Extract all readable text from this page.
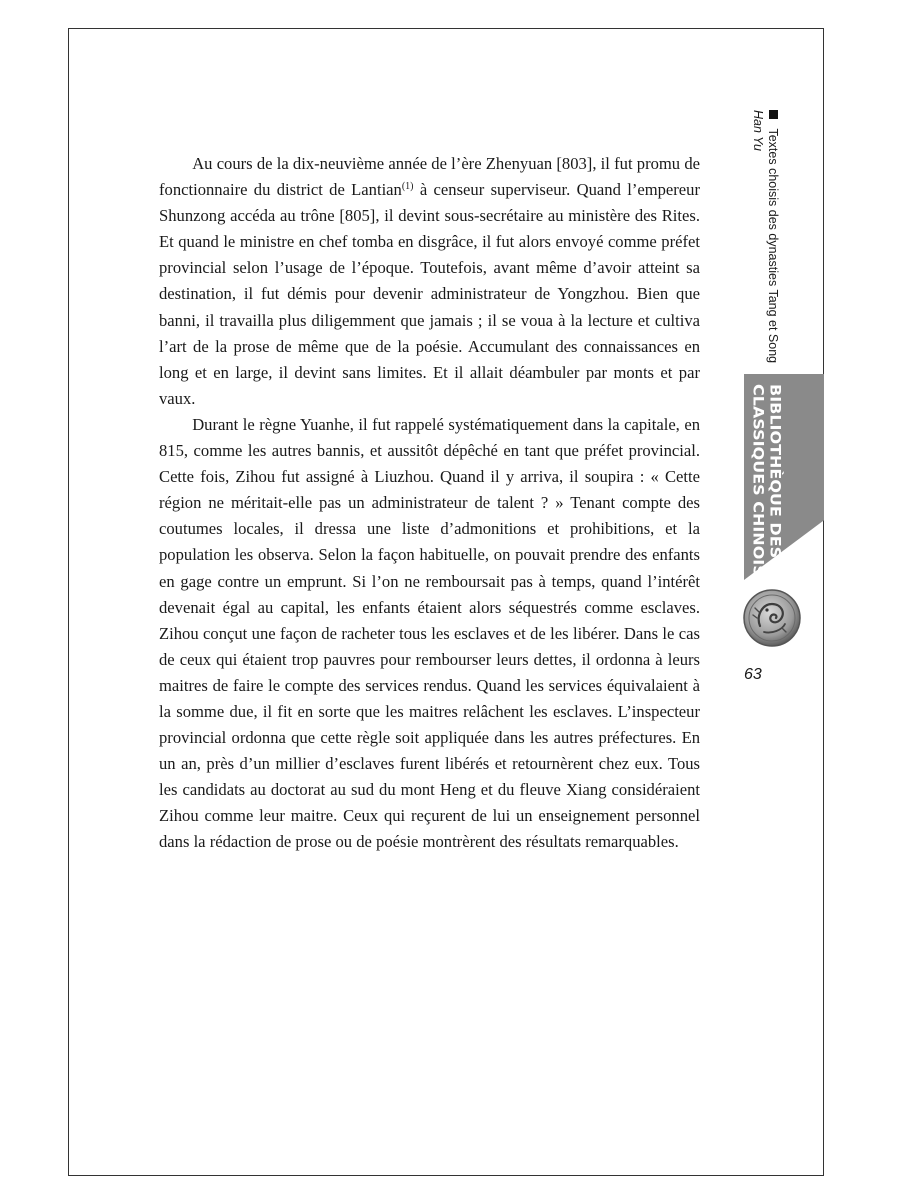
Au cours de la dix-neuvième année de l’ère Zhenyuan [803], il fut promu de fonctionnaire du district de Lantian$^{(1)}$ à censeur superviseur. Quand l’empereur Shunzong accéda au trône [805], il devint sous-secrétaire au ministère des Rites. Et quand le ministre en chef tomba en disgrâce, il fut alors envoyé comme préfet provincial selon l’usage de l’époque. Toutefois, avant même d’avoir atteint sa destination, il fut démis pour devenir administrateur de Yongzhou. Bien que banni, il travailla plus diligemment que jamais ; il se voua à la lecture et cultiva l’art de la prose de même que de la poésie. Accumulant des connaissances en long et en large, il devint sans limites. Et il allait déambuler par monts et par vaux.

Durant le règne Yuanhe, il fut rappelé systématiquement dans la capitale, en 815, comme les autres bannis, et aussitôt dépêché en tant que préfet provincial. Cette fois, Zihou fut assigné à Liuzhou. Quand il y arriva, il soupira : « Cette région ne méritait-elle pas un administrateur de talent ? » Tenant compte des coutumes locales, il dressa une liste d’admonitions et prohibitions, et la population les observa. Selon la façon habituelle, on pouvait prendre des enfants en gage contre un emprunt. Si l’on ne remboursait pas à temps, quand l’intérêt devenait égal au capital, les enfants étaient alors séquestrés comme esclaves. Zihou conçut une façon de racheter tous les esclaves et de les libérer. Dans le cas de ceux qui étaient trop pauvres pour rembourser leurs dettes, il ordonna à leurs maitres de faire le compte des services rendus. Quand les services équivalaient à la somme due, il fit en sorte que les maitres relâchent les esclaves. L’inspecteur provincial ordonna que cette règle soit appliquée dans les autres préfectures. En un an, près d’un millier d’esclaves furent libérés et retournèrent chez eux. Tous les candidats au doctorat au sud du mont Heng et du fleuve Xiang considéraient Zihou comme leur maitre. Ceux qui reçurent de lui un enseignement personnel dans la rédaction de prose ou de poésie montrèrent des résultats remarquables.

Textes choisis des dynasties Tang et Song
Han Yu
BIBLIOTHÈQUE DES
CLASSIQUES CHINOIS
63
